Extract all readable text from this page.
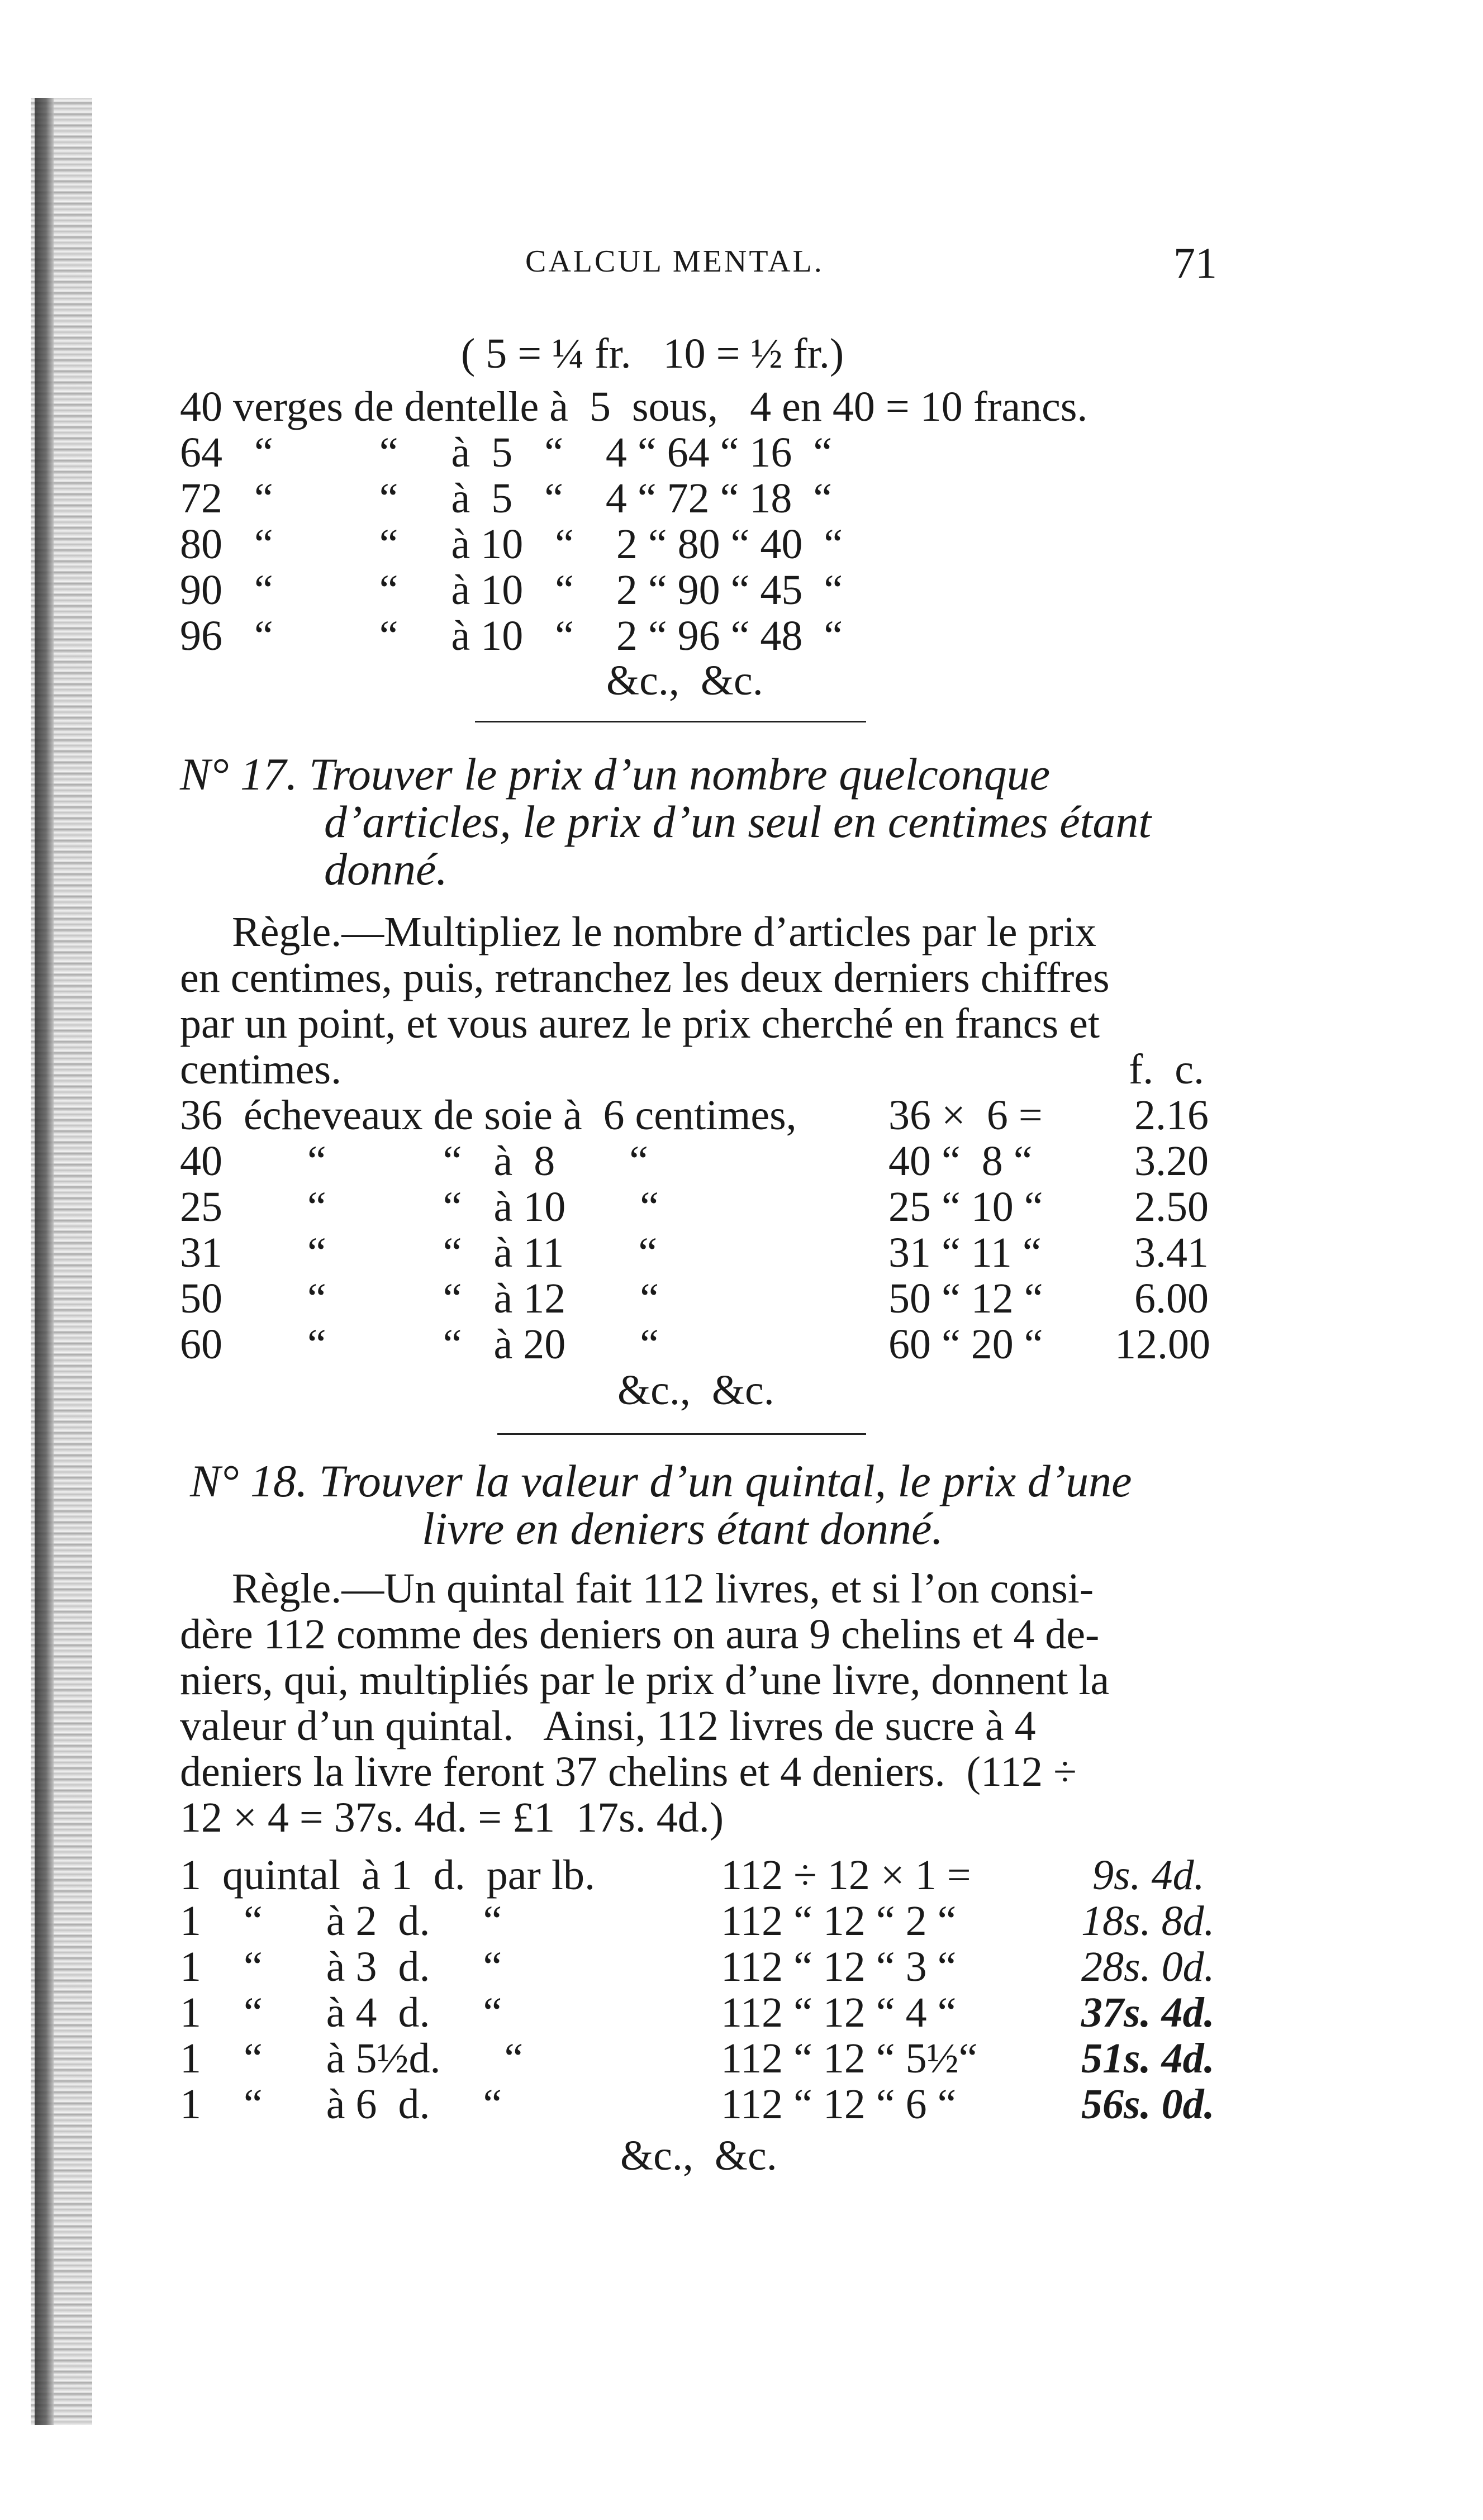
CALCUL MENTAL.	71
( 5 = ¼ fr.   10 = ½ fr.)
40 verges de dentelle à  5  sous,   4 en 40 = 10 francs.
64   “          “     à  5   “    4 “ 64 “ 16  “
72   “          “     à  5   “    4 “ 72 “ 18  “
80   “          “     à 10   “    2 “ 80 “ 40  “
90   “          “     à 10   “    2 “ 90 “ 45  “
96   “          “     à 10   “    2 “ 96 “ 48  “
&c.,  &c.
N° 17. Trouver le prix d’un nombre quelconque
d’articles, le prix d’un seul en centimes étant
donné.
Règle.—Multipliez le nombre d’articles par le prix
en centimes, puis, retranchez les deux derniers chiffres
par un point, et vous aurez le prix cherché en francs et
centimes.	f.  c.
36  écheveaux de soie à  6 centimes, 36 ×  6 = 2.16
40        “           “   à  8       “	40 “  8 “ 3.20
25        “           “   à 10       “	25 “ 10 “ 2.50
31        “           “   à 11       “	31 “ 11 “ 3.41
50        “           “   à 12       “	50 “ 12 “ 6.00
60        “           “   à 20       “	60 “ 20 “ 12.00
&c.,  &c.
N° 18. Trouver la valeur d’un quintal, le prix d’une
livre en deniers étant donné.
Règle.—Un quintal fait 112 livres, et si l’on consi-
dère 112 comme des deniers on aura 9 chelins et 4 de-
niers, qui, multipliés par le prix d’une livre, donnent la
valeur d’un quintal.   Ainsi, 112 livres de sucre à 4
deniers la livre feront 37 chelins et 4 deniers.  (112 ÷
12 × 4 = 37s. 4d. = £1  17s. 4d.)
1  quintal  à 1  d.  par lb.	112 ÷ 12 × 1 =	9s. 4d.
1    “      à 2  d.     “	112 “ 12 “ 2 “	18s. 8d.
1    “      à 3  d.     “	112 “ 12 “ 3 “	28s. 0d.
1    “      à 4  d.     “	112 “ 12 “ 4 “	37s. 4d.
1    “      à 5½d.      “	112 “ 12 “ 5½“ 51s. 4d.
1    “      à 6  d.     “	112 “ 12 “ 6 “	56s. 0d.
&c.,  &c.
